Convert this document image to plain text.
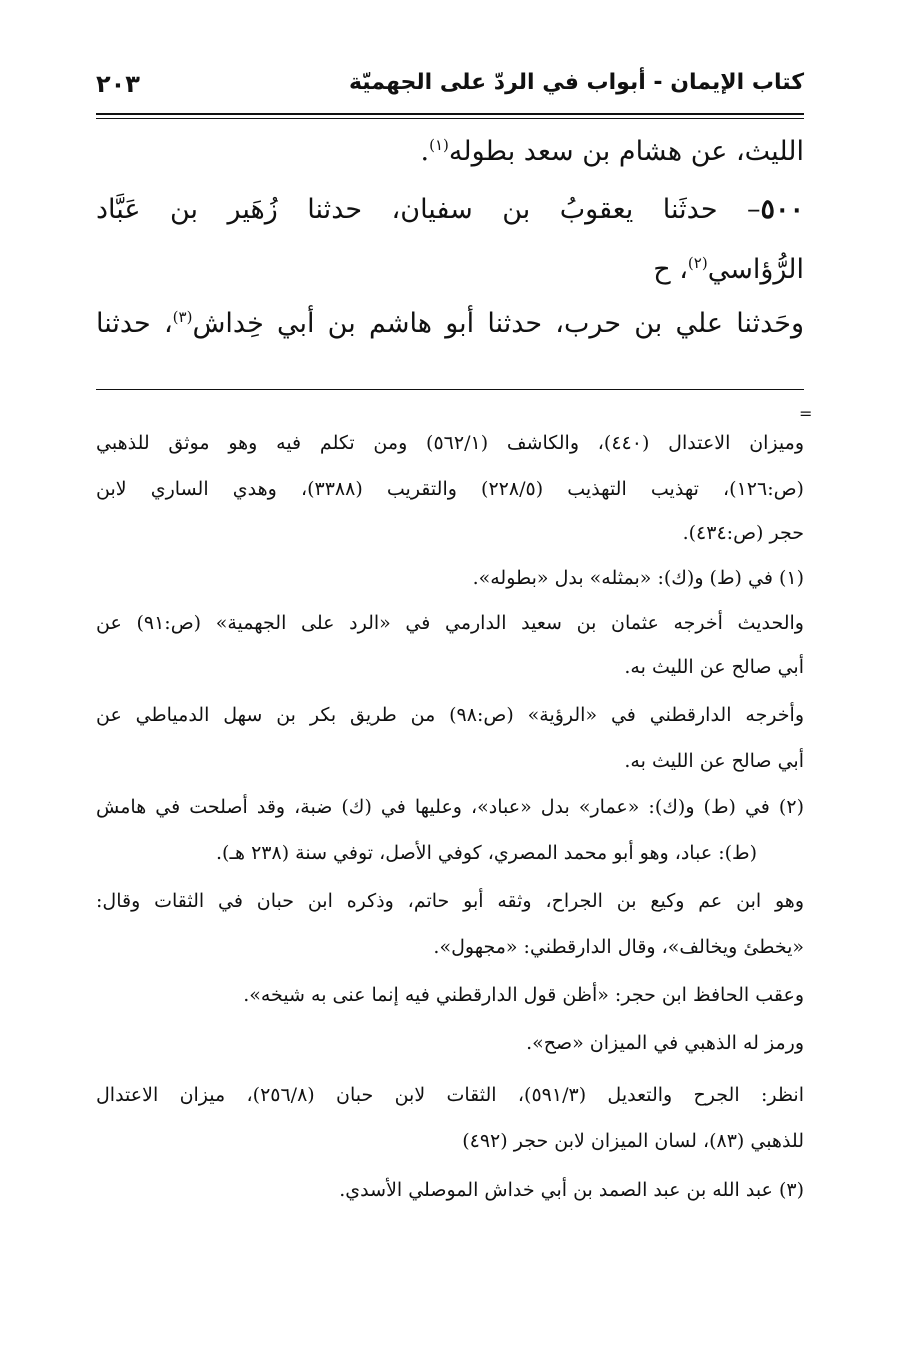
كتاب الإيمان - أبواب في الردّ على الجهميّة
٢٠٣
الليث، عن هشام بن سعد بطوله$^{(١)}$.
٥٠٠– حدثَنا يعقوبُ بن سفيان، حدثنا زُهَير بن عَبَّاد
الرُّؤاسي$^{(٢)}$، ح
وحَدثنا علي بن حرب، حدثنا أبو هاشم بن أبي خِداش$^{(٣)}$، حدثنا
=
وميزان الاعتدال (٤٤٠)، والكاشف (٥٦٢/١) ومن تكلم فيه وهو موثق للذهبي
(ص:١٢٦)، تهذيب التهذيب (٢٢٨/٥) والتقريب (٣٣٨٨)، وهدي الساري لابن
حجر (ص:٤٣٤).
(١) في (ط) و(ك): «بمثله» بدل «بطوله».
والحديث أخرجه عثمان بن سعيد الدارمي في «الرد على الجهمية» (ص:٩١) عن
أبي صالح عن الليث به.
وأخرجه الدارقطني في «الرؤية» (ص:٩٨) من طريق بكر بن سهل الدمياطي عن
أبي صالح عن الليث به.
(٢) في (ط) و(ك): «عمار» بدل «عباد»، وعليها في (ك) ضبة، وقد أصلحت في هامش
(ط): عباد، وهو أبو محمد المصري، كوفي الأصل، توفي سنة (٢٣٨ هـ).
وهو ابن عم وكيع بن الجراح، وثقه أبو حاتم، وذكره ابن حبان في الثقات وقال:
«يخطئ ويخالف»، وقال الدارقطني: «مجهول».
وعقب الحافظ ابن حجر: «أظن قول الدارقطني فيه إنما عنى به شيخه».
ورمز له الذهبي في الميزان «صح».
انظر: الجرح والتعديل (٥٩١/٣)، الثقات لابن حبان (٢٥٦/٨)، ميزان الاعتدال
للذهبي (٨٣)، لسان الميزان لابن حجر (٤٩٢)
(٣) عبد الله بن عبد الصمد بن أبي خداش الموصلي الأسدي.
